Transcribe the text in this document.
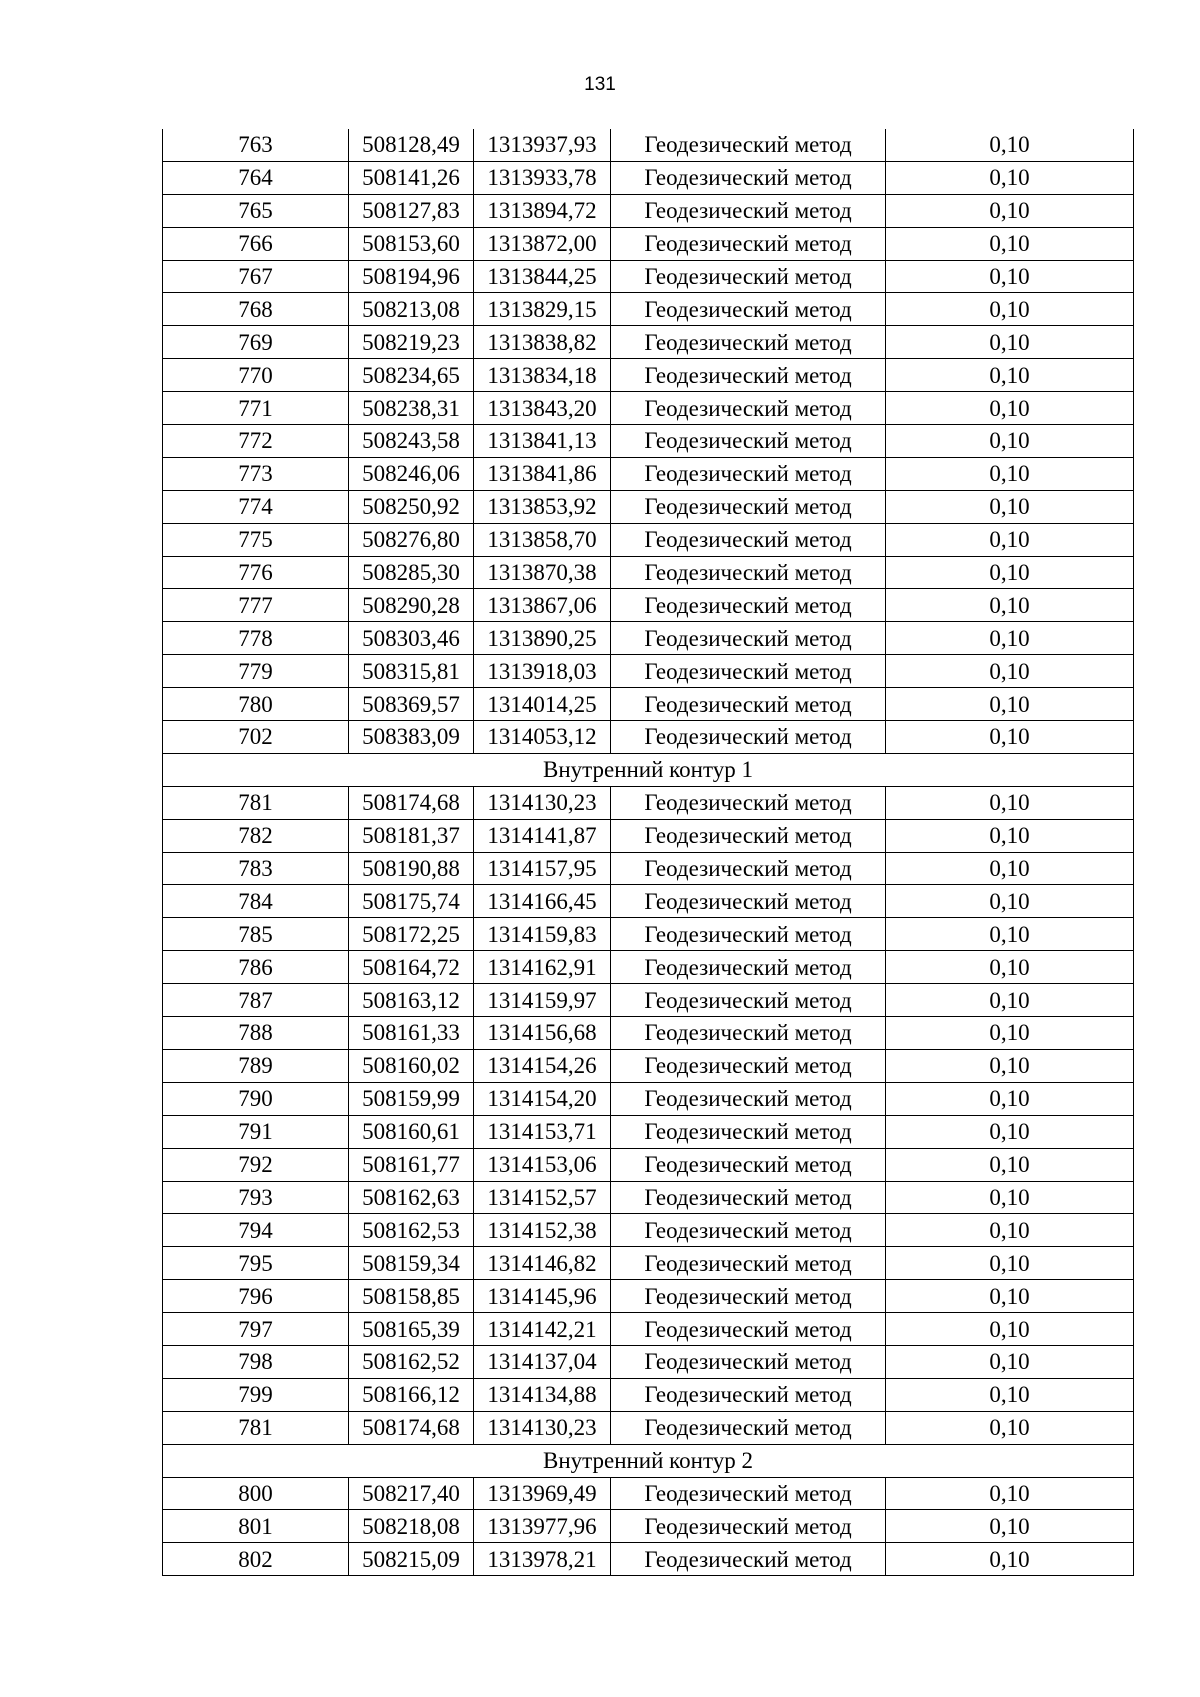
131
763	508128,49	1313937,93	Геодезический метод	0,10
764	508141,26	1313933,78	Геодезический метод	0,10
765	508127,83	1313894,72	Геодезический метод	0,10
766	508153,60	1313872,00	Геодезический метод	0,10
767	508194,96	1313844,25	Геодезический метод	0,10
768	508213,08	1313829,15	Геодезический метод	0,10
769	508219,23	1313838,82	Геодезический метод	0,10
770	508234,65	1313834,18	Геодезический метод	0,10
771	508238,31	1313843,20	Геодезический метод	0,10
772	508243,58	1313841,13	Геодезический метод	0,10
773	508246,06	1313841,86	Геодезический метод	0,10
774	508250,92	1313853,92	Геодезический метод	0,10
775	508276,80	1313858,70	Геодезический метод	0,10
776	508285,30	1313870,38	Геодезический метод	0,10
777	508290,28	1313867,06	Геодезический метод	0,10
778	508303,46	1313890,25	Геодезический метод	0,10
779	508315,81	1313918,03	Геодезический метод	0,10
780	508369,57	1314014,25	Геодезический метод	0,10
702	508383,09	1314053,12	Геодезический метод	0,10
Внутренний контур 1				
781	508174,68	1314130,23	Геодезический метод	0,10
782	508181,37	1314141,87	Геодезический метод	0,10
783	508190,88	1314157,95	Геодезический метод	0,10
784	508175,74	1314166,45	Геодезический метод	0,10
785	508172,25	1314159,83	Геодезический метод	0,10
786	508164,72	1314162,91	Геодезический метод	0,10
787	508163,12	1314159,97	Геодезический метод	0,10
788	508161,33	1314156,68	Геодезический метод	0,10
789	508160,02	1314154,26	Геодезический метод	0,10
790	508159,99	1314154,20	Геодезический метод	0,10
791	508160,61	1314153,71	Геодезический метод	0,10
792	508161,77	1314153,06	Геодезический метод	0,10
793	508162,63	1314152,57	Геодезический метод	0,10
794	508162,53	1314152,38	Геодезический метод	0,10
795	508159,34	1314146,82	Геодезический метод	0,10
796	508158,85	1314145,96	Геодезический метод	0,10
797	508165,39	1314142,21	Геодезический метод	0,10
798	508162,52	1314137,04	Геодезический метод	0,10
799	508166,12	1314134,88	Геодезический метод	0,10
781	508174,68	1314130,23	Геодезический метод	0,10
Внутренний контур 2				
800	508217,40	1313969,49	Геодезический метод	0,10
801	508218,08	1313977,96	Геодезический метод	0,10
802	508215,09	1313978,21	Геодезический метод	0,10
